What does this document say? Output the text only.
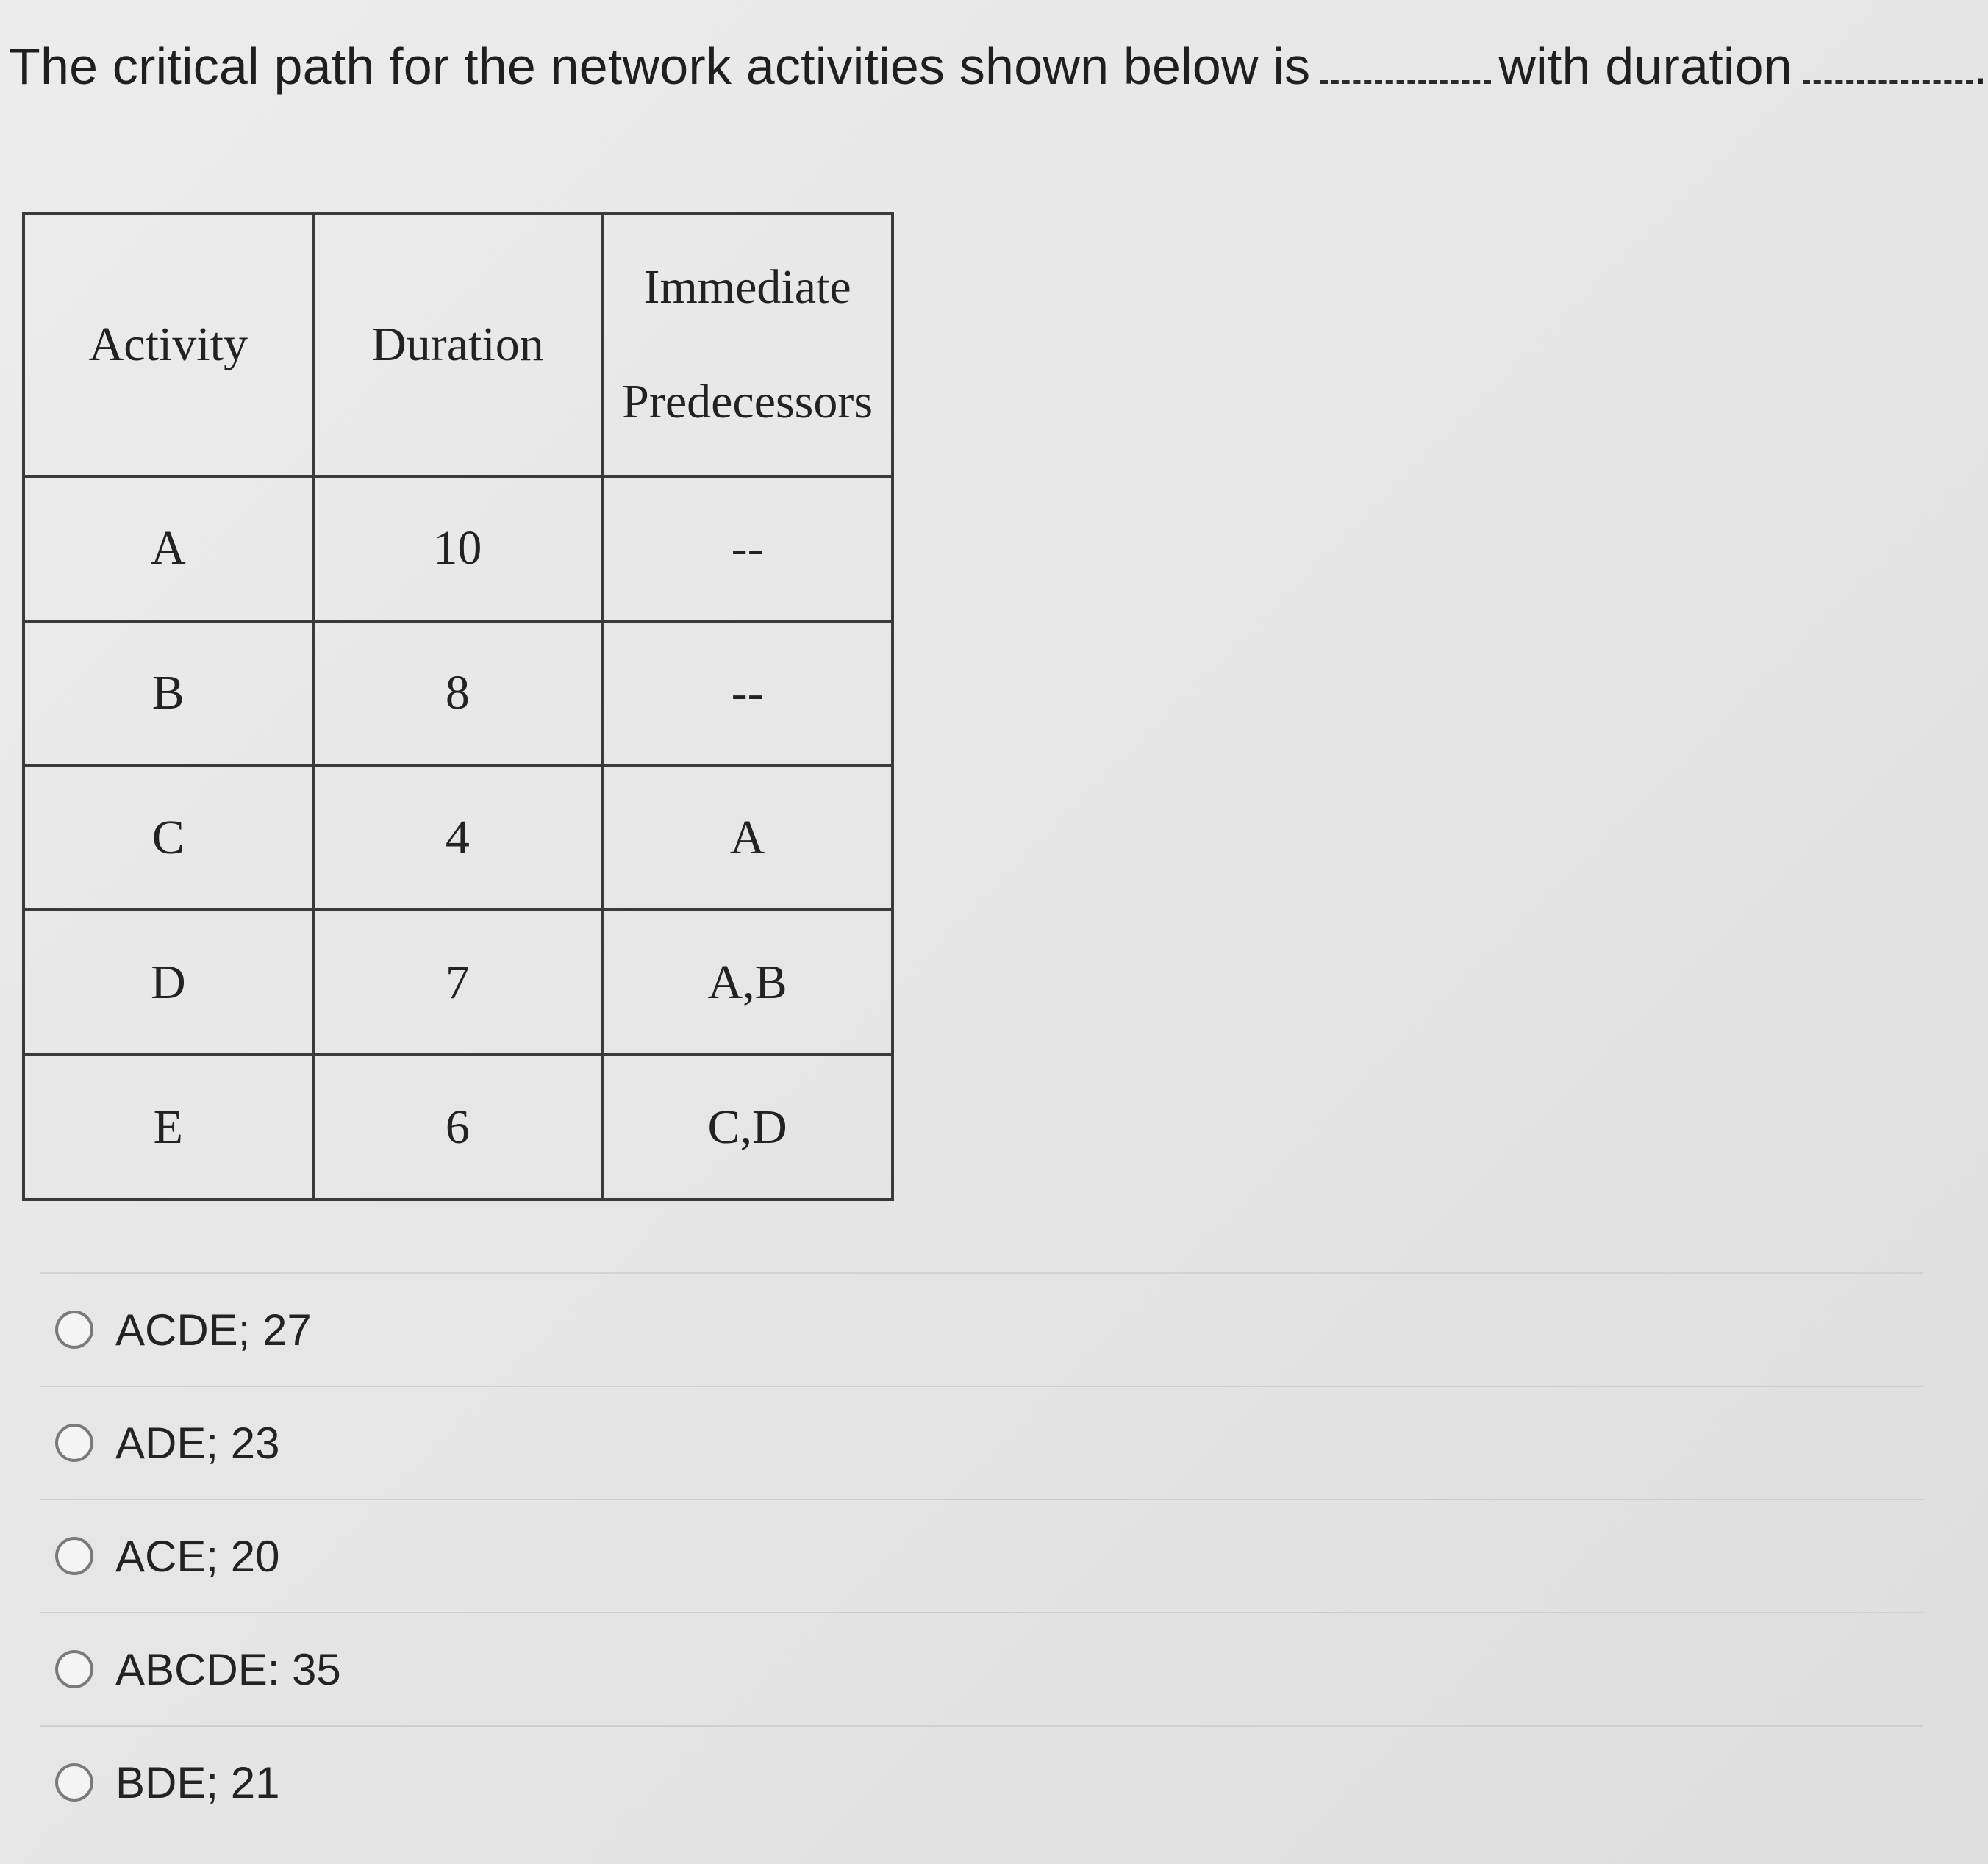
The critical path for the network activities shown below is	with duration	.
Activity	Duration	Immediate
Predecessors
A	10	--
B	8	--
C	4	A
D	7	A,B
E	6	C,D
ACDE; 27
ADE; 23
ACE; 20
ABCDE: 35
BDE; 21
